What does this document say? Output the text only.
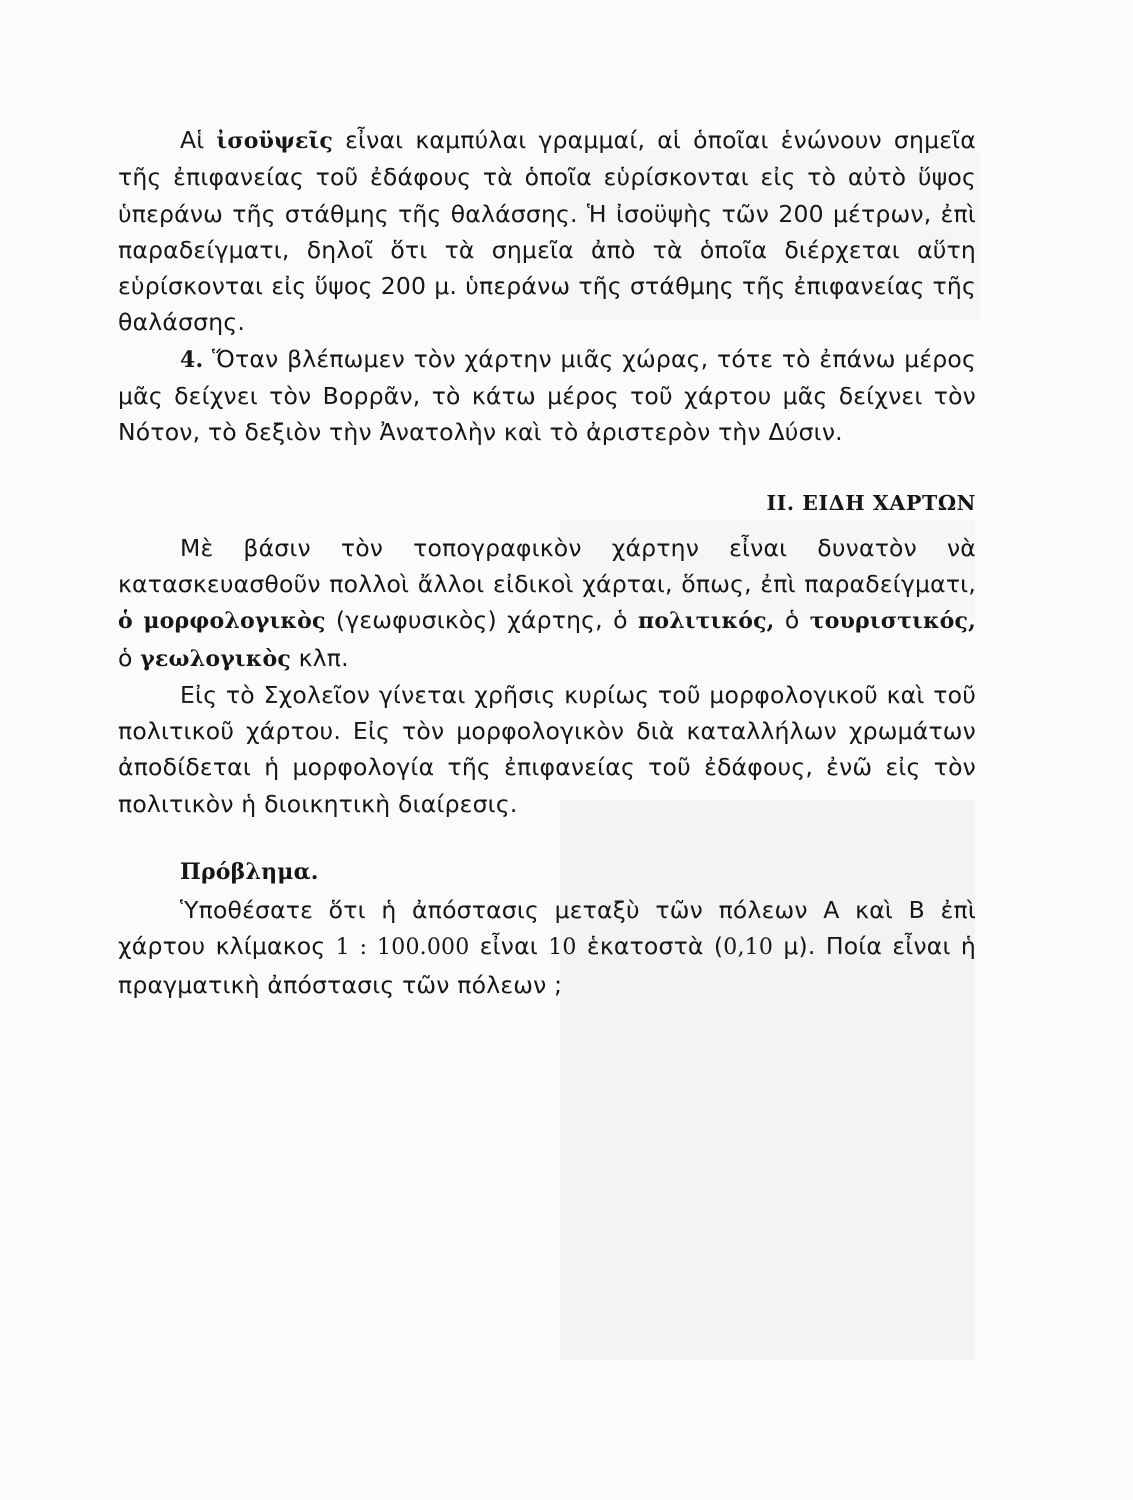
Αἱ ἰσοϋψεῖς εἶναι καμπύλαι γραμμαί, αἱ ὁποῖαι ἑνώνουν σημεῖα τῆς ἐπιφανείας τοῦ ἐδάφους τὰ ὁποῖα εὑρίσκονται εἰς τὸ αὐτὸ ὕψος ὑπεράνω τῆς στάθμης τῆς θαλάσσης. Ἡ ἰσοϋψὴς τῶν 200 μέτρων, ἐπὶ παραδείγματι, δηλοῖ ὅτι τὰ σημεῖα ἀπὸ τὰ ὁποῖα διέρχεται αὕτη εὑρίσκονται εἰς ὕψος 200 μ. ὑπεράνω τῆς στάθμης τῆς ἐπιφανείας τῆς θαλάσσης.

4. Ὅταν βλέπωμεν τὸν χάρτην μιᾶς χώρας, τότε τὸ ἐπάνω μέρος μᾶς δείχνει τὸν Βορρᾶν, τὸ κάτω μέρος τοῦ χάρτου μᾶς δείχνει τὸν Νότον, τὸ δεξιὸν τὴν Ἀνατολὴν καὶ τὸ ἀριστερὸν τὴν Δύσιν.

II. ΕΙΔΗ ΧΑΡΤΩΝ

Μὲ βάσιν τὸν τοπογραφικὸν χάρτην εἶναι δυνατὸν νὰ κατασκευασθοῦν πολλοὶ ἄλλοι εἰδικοὶ χάρται, ὅπως, ἐπὶ παραδείγματι, ὁ μορφολογικὸς (γεωφυσικὸς) χάρτης, ὁ πολιτικός, ὁ τουριστικός, ὁ γεωλογικὸς κλπ.

Εἰς τὸ Σχολεῖον γίνεται χρῆσις κυρίως τοῦ μορφολογικοῦ καὶ τοῦ πολιτικοῦ χάρτου. Εἰς τὸν μορφολογικὸν διὰ καταλλήλων χρωμάτων ἀποδίδεται ἡ μορφολογία τῆς ἐπιφανείας τοῦ ἐδάφους, ἐνῶ εἰς τὸν πολιτικὸν ἡ διοικητικὴ διαίρεσις.

Πρόβλημα.

Ὑποθέσατε ὅτι ἡ ἀπόστασις μεταξὺ τῶν πόλεων Α καὶ Β ἐπὶ χάρτου κλίμακος 1 : 100.000 εἶναι 10 ἑκατοστὰ (0,10 μ). Ποία εἶναι ἡ πραγματικὴ ἀπόστασις τῶν πόλεων ;
